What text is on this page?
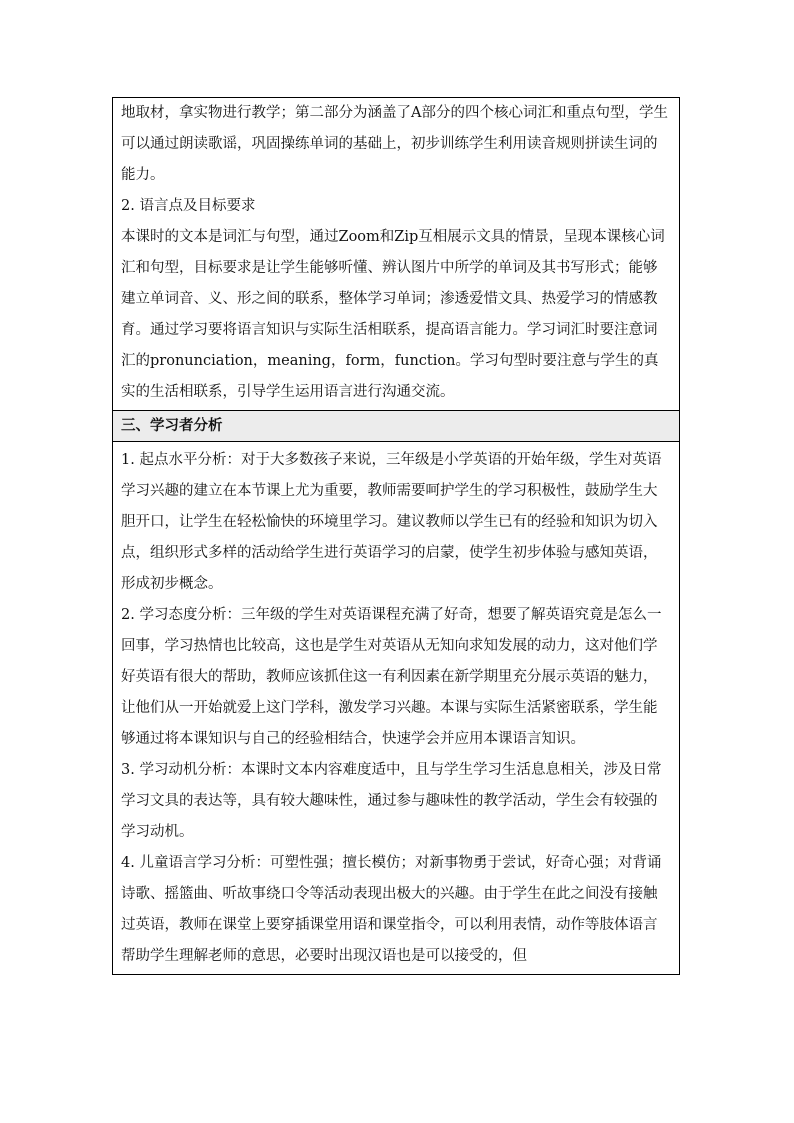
地取材，拿实物进行教学；第二部分为涵盖了A部分的四个核心词汇和重点句型，学生可以通过朗读歌谣，巩固操练单词的基础上，初步训练学生利用读音规则拼读生词的能力。

2. 语言点及目标要求

本课时的文本是词汇与句型，通过Zoom和Zip互相展示文具的情景，呈现本课核心词汇和句型，目标要求是让学生能够听懂、辨认图片中所学的单词及其书写形式；能够建立单词音、义、形之间的联系，整体学习单词；渗透爱惜文具、热爱学习的情感教育。通过学习要将语言知识与实际生活相联系，提高语言能力。学习词汇时要注意词汇的pronunciation，meaning，form，function。学习句型时要注意与学生的真实的生活相联系，引导学生运用语言进行沟通交流。

三、学习者分析

1. 起点水平分析：对于大多数孩子来说，三年级是小学英语的开始年级，学生对英语学习兴趣的建立在本节课上尤为重要，教师需要呵护学生的学习积极性，鼓励学生大胆开口，让学生在轻松愉快的环境里学习。建议教师以学生已有的经验和知识为切入点，组织形式多样的活动给学生进行英语学习的启蒙，使学生初步体验与感知英语，形成初步概念。

2. 学习态度分析：三年级的学生对英语课程充满了好奇，想要了解英语究竟是怎么一回事，学习热情也比较高，这也是学生对英语从无知向求知发展的动力，这对他们学好英语有很大的帮助，教师应该抓住这一有利因素在新学期里充分展示英语的魅力，让他们从一开始就爱上这门学科，激发学习兴趣。本课与实际生活紧密联系，学生能够通过将本课知识与自己的经验相结合，快速学会并应用本课语言知识。

3. 学习动机分析：本课时文本内容难度适中，且与学生学习生活息息相关，涉及日常学习文具的表达等，具有较大趣味性，通过参与趣味性的教学活动，学生会有较强的学习动机。

4. 儿童语言学习分析：可塑性强；擅长模仿；对新事物勇于尝试，好奇心强；对背诵诗歌、摇篮曲、听故事绕口令等活动表现出极大的兴趣。由于学生在此之间没有接触过英语，教师在课堂上要穿插课堂用语和课堂指令，可以利用表情，动作等肢体语言帮助学生理解老师的意思，必要时出现汉语也是可以接受的，但
